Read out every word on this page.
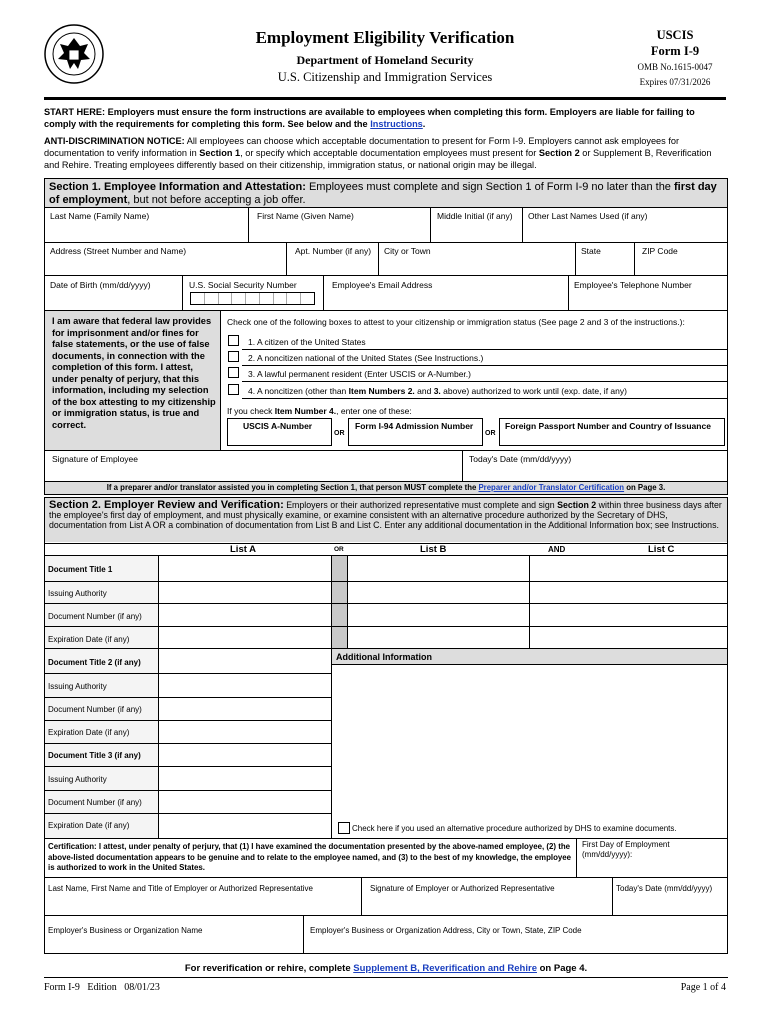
Employment Eligibility Verification
Department of Homeland Security
U.S. Citizenship and Immigration Services
USCIS
Form I-9
OMB No.1615-0047
Expires 07/31/2026
START HERE: Employers must ensure the form instructions are available to employees when completing this form. Employers are liable for failing to comply with the requirements for completing this form. See below and the Instructions.
ANTI-DISCRIMINATION NOTICE: All employees can choose which acceptable documentation to present for Form I-9. Employers cannot ask employees for documentation to verify information in Section 1, or specify which acceptable documentation employees must present for Section 2 or Supplement B, Reverification and Rehire. Treating employees differently based on their citizenship, immigration status, or national origin may be illegal.
Section 1. Employee Information and Attestation: Employees must complete and sign Section 1 of Form I-9 no later than the first day of employment, but not before accepting a job offer.
Last Name (Family Name)	First Name (Given Name)	Middle Initial (if any) Other Last Names Used (if any)
Address (Street Number and Name)	Apt. Number (if any) City or Town	State	ZIP Code
Date of Birth (mm/dd/yyyy)	U.S. Social Security Number	Employee's Email Address	Employee's Telephone Number
I am aware that federal law provides for imprisonment and/or fines for false statements, or the use of false documents, in connection with the completion of this form. I attest, under penalty of perjury, that this information, including my selection of the box attesting to my citizenship or immigration status, is true and correct.
Check one of the following boxes to attest to your citizenship or immigration status (See page 2 and 3 of the instructions.):
1. A citizen of the United States
2. A noncitizen national of the United States (See Instructions.)
3. A lawful permanent resident (Enter USCIS or A-Number.)
4. A noncitizen (other than Item Numbers 2. and 3. above) authorized to work until (exp. date, if any)
If you check Item Number 4., enter one of these:
USCIS A-Number
OR
Form I-94 Admission Number
OR
Foreign Passport Number and Country of Issuance
Signature of Employee	Today's Date (mm/dd/yyyy)
If a preparer and/or translator assisted you in completing Section 1, that person MUST complete the Preparer and/or Translator Certification on Page 3.
Section 2. Employer Review and Verification: Employers or their authorized representative must complete and sign Section 2 within three business days after the employee's first day of employment, and must physically examine, or examine consistent with an alternative procedure authorized by the Secretary of DHS, documentation from List A OR a combination of documentation from List B and List C. Enter any additional documentation in the Additional Information box; see Instructions.
List A	OR	List B	AND	List C
Document Title 1
Issuing Authority
Document Number (if any)
Expiration Date (if any)
Document Title 2 (if any)
Issuing Authority
Document Number (if any)
Expiration Date (if any)
Document Title 3 (if any)
Issuing Authority
Document Number (if any)
Expiration Date (if any)
Additional Information
Check here if you used an alternative procedure authorized by DHS to examine documents.
Certification: I attest, under penalty of perjury, that (1) I have examined the documentation presented by the above-named employee, (2) the above-listed documentation appears to be genuine and to relate to the employee named, and (3) to the best of my knowledge, the employee is authorized to work in the United States.
First Day of Employment (mm/dd/yyyy):
Last Name, First Name and Title of Employer or Authorized Representative	Signature of Employer or Authorized Representative	Today's Date (mm/dd/yyyy)
Employer's Business or Organization Name	Employer's Business or Organization Address, City or Town, State, ZIP Code
For reverification or rehire, complete Supplement B, Reverification and Rehire on Page 4.
Form I-9   Edition   08/01/23	Page 1 of 4
